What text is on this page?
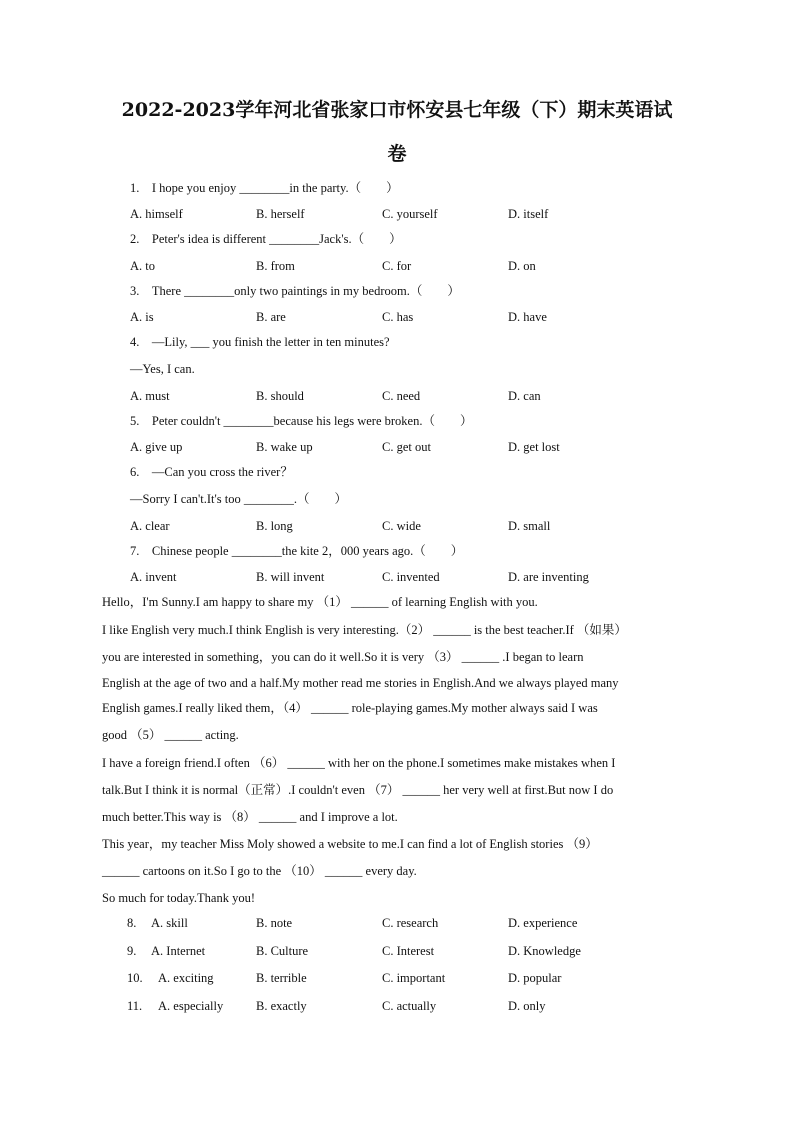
2022-2023学年河北省张家口市怀安县七年级（下）期末英语试
卷
1.　I hope you enjoy ________in the party.（　　）
A. himself	B. herself	C. yourself	D. itself
2.　Peter's idea is different ________Jack's.（　　）
A. to	B. from	C. for	D. on
3.　There ________only two paintings in my bedroom.（　　）
A. is	B. are	C. has	D. have
4.　—Lily, ___ you finish the letter in ten minutes?
—Yes, I can.
A. must	B. should	C. need	D. can
5.　Peter couldn't ________because his legs were broken.（　　）
A. give up	B. wake up	C. get out	D. get lost
6.　—Can you cross the river？
—Sorry I can't.It's too ________.（　　）
A. clear	B. long	C. wide	D. small
7.　Chinese people ________the kite 2，000 years ago.（　　）
A. invent	B. will invent	C. invented	D. are inventing
Hello，I'm Sunny.I am happy to share my （1） ______ of learning English with you.
I like English very much.I think English is very interesting.（2） ______ is the best teacher.If （如果）
you are interested in something，you can do it well.So it is very （3） ______ .I began to learn
English at the age of two and a half.My mother read me stories in English.And we always played many
English games.I really liked them，（4） ______ role-playing games.My mother always said I was
good （5） ______ acting.
I have a foreign friend.I often （6） ______ with her on the phone.I sometimes make mistakes when I
talk.But I think it is normal（正常）.I couldn't even （7） ______ her very well at first.But now I do
much better.This way is （8） ______ and I improve a lot.
This year，my teacher Miss Moly showed a website to me.I can find a lot of English stories （9）
______ cartoons on it.So I go to the （10） ______ every day.
So much for today.Thank you!
8. A. skill	B. note	C. research	D. experience
9. A. Internet	B. Culture	C. Interest	D. Knowledge
10. A. exciting	B. terrible	C. important	D. popular
11. A. especially	B. exactly	C. actually	D. only
